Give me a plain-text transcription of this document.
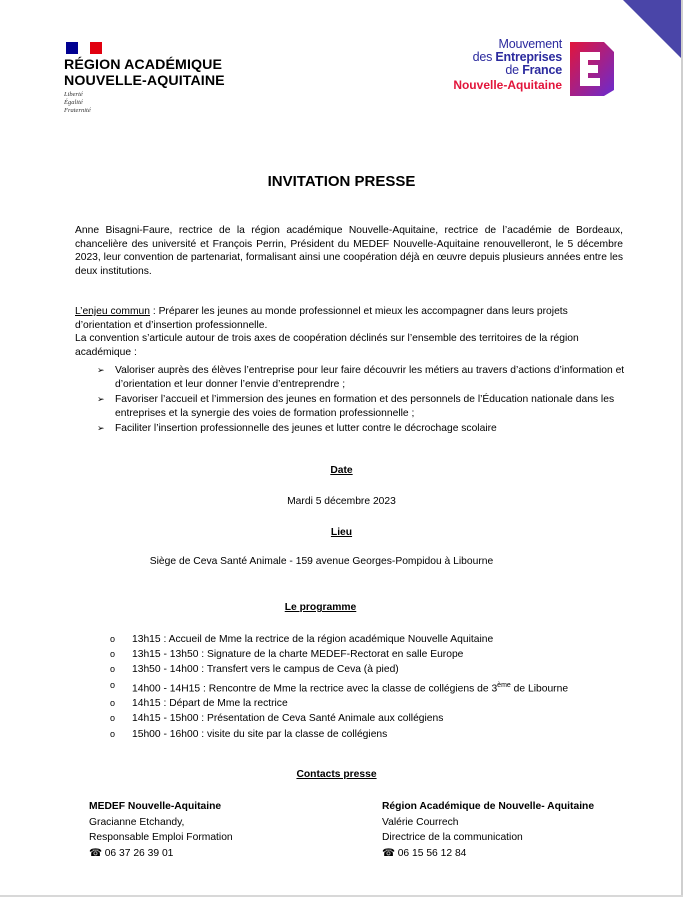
RÉGION ACADÉMIQUE
NOUVELLE-AQUITAINE
Liberté
Égalité
Fraternité
Mouvement
des Entreprises
de France
Nouvelle-Aquitaine
INVITATION PRESSE
Anne Bisagni-Faure, rectrice de la région académique Nouvelle-Aquitaine, rectrice de l’académie de Bordeaux, chancelière des université et François Perrin, Président du MEDEF Nouvelle-Aquitaine renouvelleront, le 5 décembre 2023, leur convention de partenariat, formalisant ainsi une coopération déjà en œuvre depuis plusieurs années entre les deux institutions.
L’enjeu commun : Préparer les jeunes au monde professionnel et mieux les accompagner dans leurs projets d’orientation et d’insertion professionnelle.
La convention s’articule autour de trois axes de coopération déclinés sur l’ensemble des territoires de la région académique :
➢ Valoriser auprès des élèves l’entreprise pour leur faire découvrir les métiers au travers d’actions d’information et d’orientation et leur donner l’envie d’entreprendre ;
➢ Favoriser l’accueil et l’immersion des jeunes en formation et des personnels de l’Éducation nationale dans les entreprises et la synergie des voies de formation professionnelle ;
➢ Faciliter l’insertion professionnelle des jeunes et lutter contre le décrochage scolaire
Date
Mardi 5 décembre 2023
Lieu
Siège de Ceva Santé Animale - 159 avenue Georges-Pompidou à Libourne
Le programme
o 13h15 : Accueil de Mme la rectrice de la région académique Nouvelle Aquitaine
o 13h15 - 13h50 : Signature de la charte MEDEF-Rectorat en salle Europe
o 13h50 - 14h00 : Transfert vers le campus de Ceva (à pied)
o 14h00 - 14H15 : Rencontre de Mme la rectrice avec la classe de collégiens de 3ème de Libourne
o 14h15 : Départ de Mme la rectrice
o 14h15 - 15h00 : Présentation de Ceva Santé Animale aux collégiens
o 15h00 - 16h00 : visite du site par la classe de collégiens
Contacts presse
MEDEF Nouvelle-Aquitaine
Gracianne Etchandy,
Responsable Emploi Formation
☎ 06 37 26 39 01
Région Académique de Nouvelle- Aquitaine
Valérie Courrech
Directrice de la communication
☎ 06 15 56 12 84
